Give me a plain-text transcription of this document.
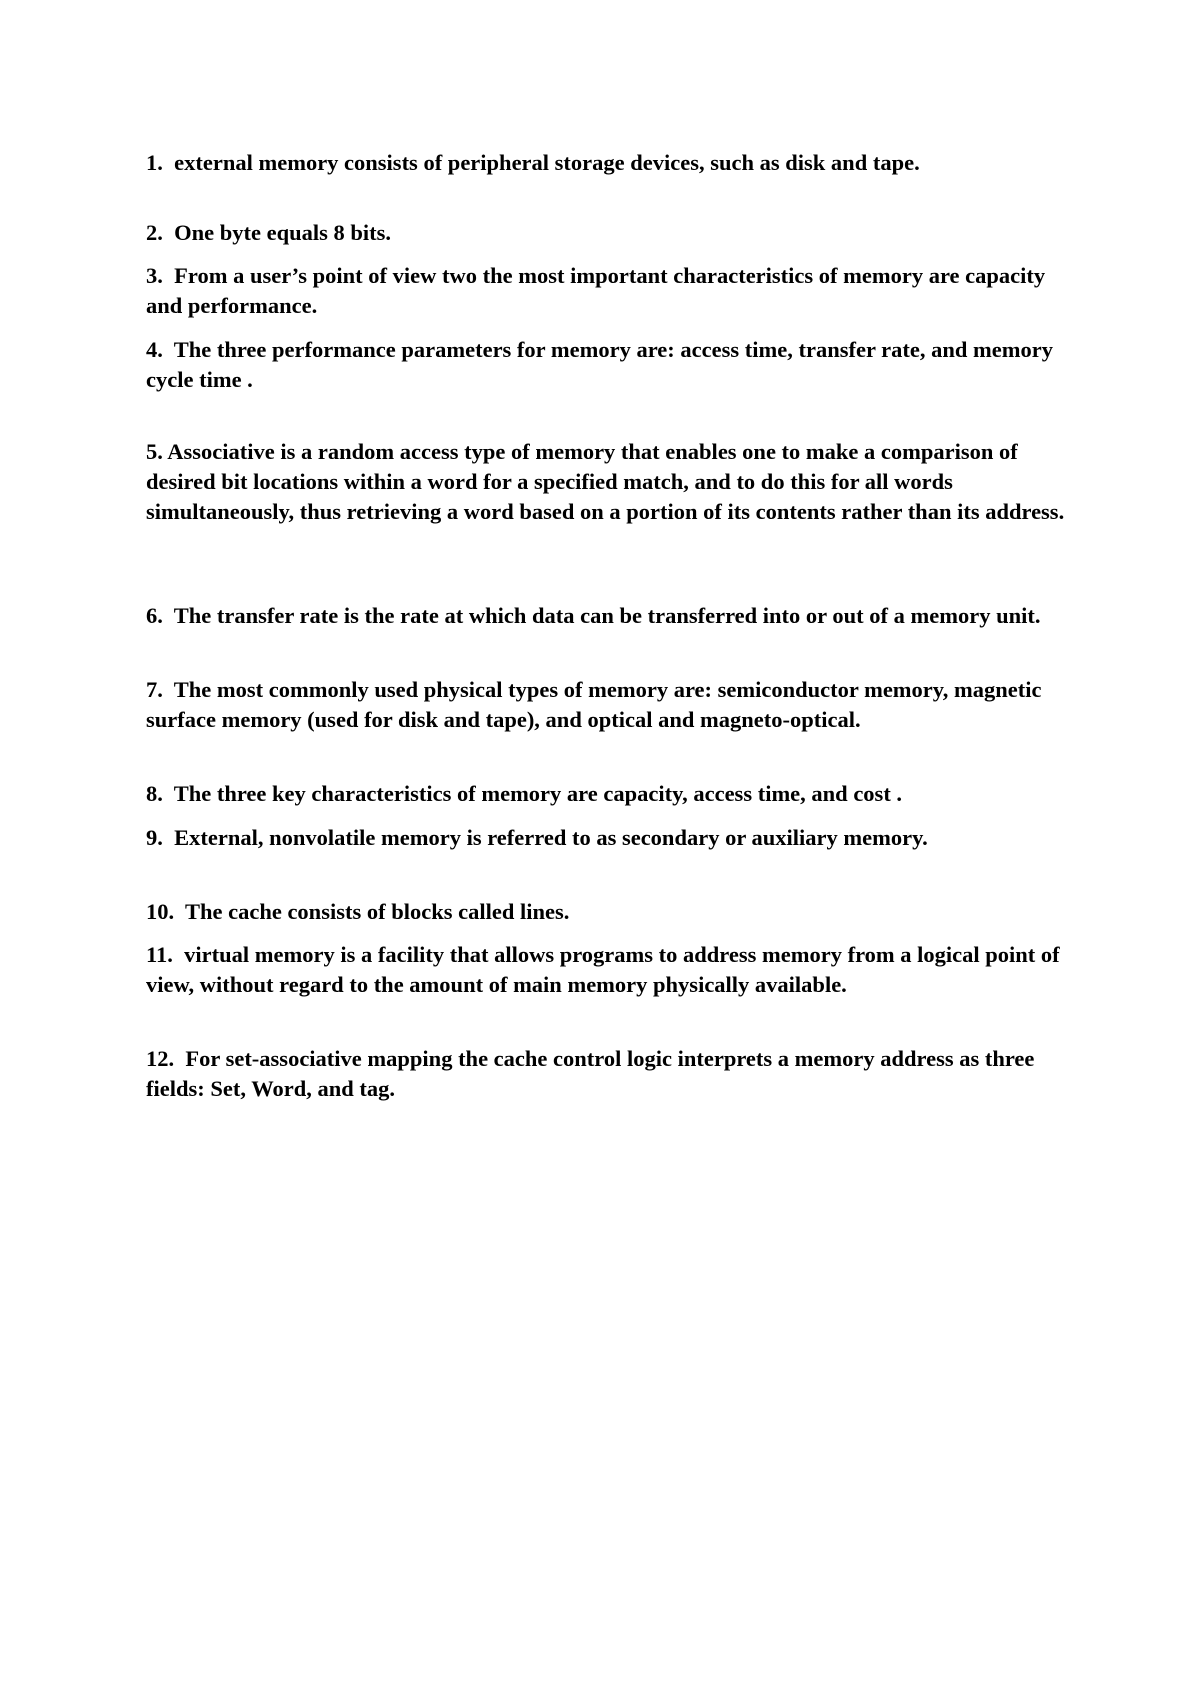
1. external memory consists of peripheral storage devices, such as disk and tape.

2. One byte equals 8 bits.

3. From a user’s point of view two the most important characteristics of memory are capacity and performance.

4. The three performance parameters for memory are: access time, transfer rate, and memory cycle time .

5. Associative is a random access type of memory that enables one to make a comparison of desired bit locations within a word for a specified match, and to do this for all words simultaneously, thus retrieving a word based on a portion of its contents rather than its address.

6. The transfer rate is the rate at which data can be transferred into or out of a memory unit.

7. The most commonly used physical types of memory are: semiconductor memory, magnetic surface memory (used for disk and tape), and optical and magneto-optical.

8. The three key characteristics of memory are capacity, access time, and cost .

9. External, nonvolatile memory is referred to as secondary or auxiliary memory.

10. The cache consists of blocks called lines.

11. virtual memory is a facility that allows programs to address memory from a logical point of view, without regard to the amount of main memory physically available.

12. For set-associative mapping the cache control logic interprets a memory address as three fields: Set, Word, and tag.
